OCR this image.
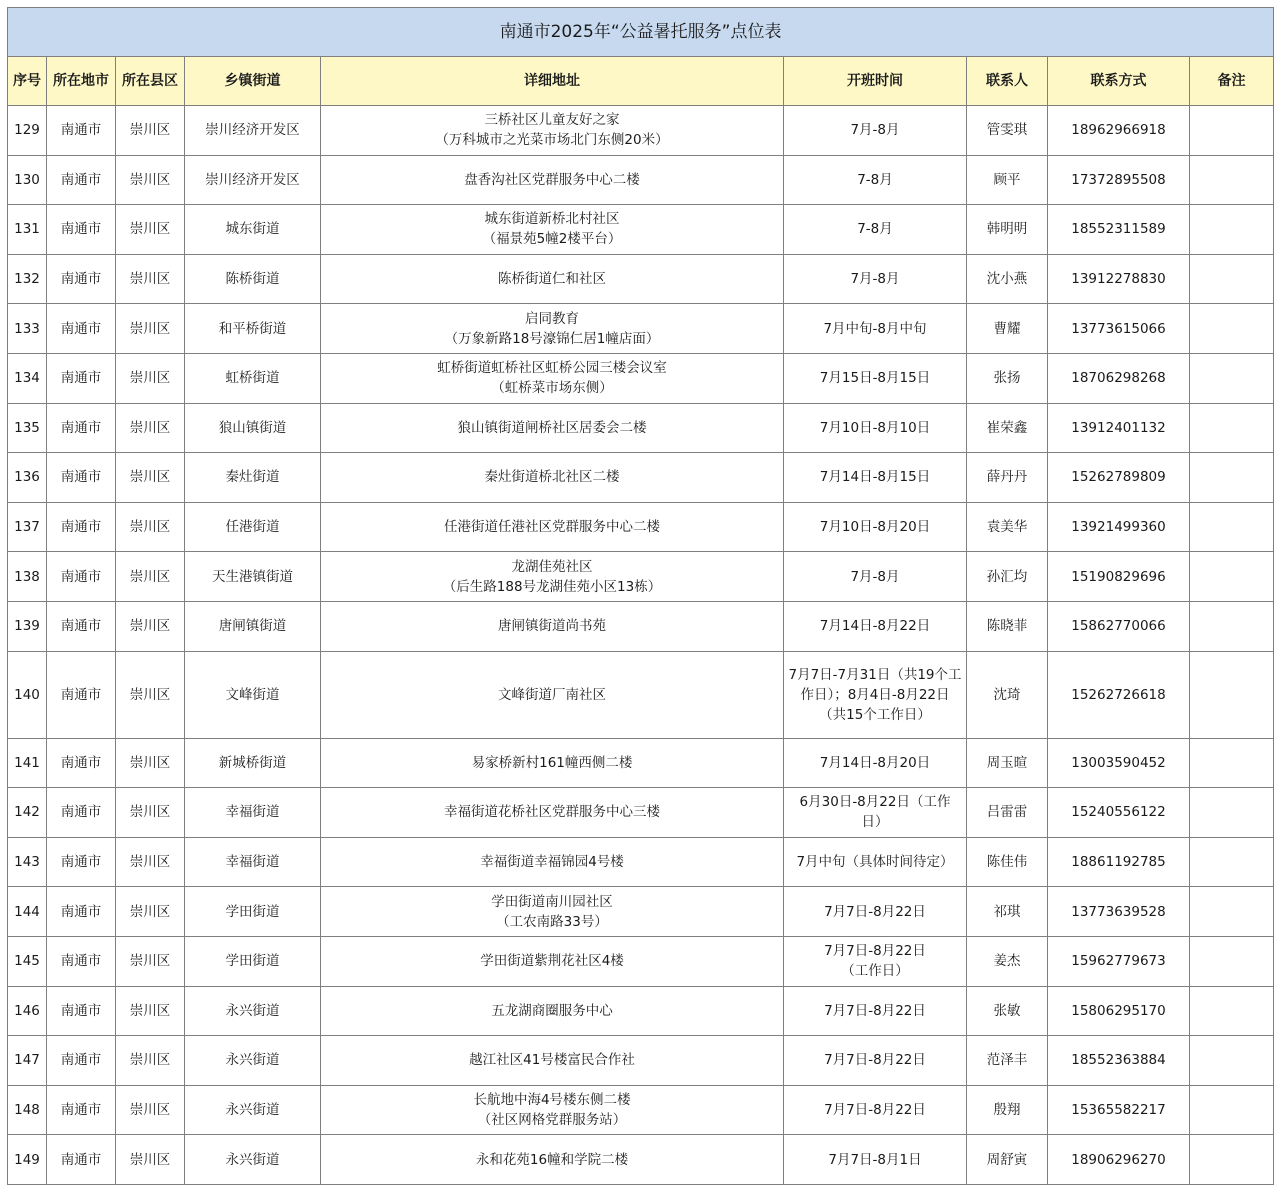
南通市2025年“公益暑托服务”点位表								
序号	所在地市	所在县区	乡镇街道	详细地址	开班时间	联系人	联系方式	备注
129	南通市	崇川区	崇川经济开发区	三桥社区儿童友好之家
（万科城市之光菜市场北门东侧20米）	7月-8月	管雯琪	18962966918	
130	南通市	崇川区	崇川经济开发区	盘香沟社区党群服务中心二楼	7-8月	顾平	17372895508	
131	南通市	崇川区	城东街道	城东街道新桥北村社区
（福景苑5幢2楼平台）	7-8月	韩明明	18552311589	
132	南通市	崇川区	陈桥街道	陈桥街道仁和社区	7月-8月	沈小燕	13912278830	
133	南通市	崇川区	和平桥街道	启同教育
（万象新路18号濠锦仁居1幢店面）	7月中旬-8月中旬	曹耀	13773615066	
134	南通市	崇川区	虹桥街道	虹桥街道虹桥社区虹桥公园三楼会议室
（虹桥菜市场东侧）	7月15日-8月15日	张扬	18706298268	
135	南通市	崇川区	狼山镇街道	狼山镇街道闸桥社区居委会二楼	7月10日-8月10日	崔荣鑫	13912401132	
136	南通市	崇川区	秦灶街道	秦灶街道桥北社区二楼	7月14日-8月15日	薛丹丹	15262789809	
137	南通市	崇川区	任港街道	任港街道任港社区党群服务中心二楼	7月10日-8月20日	袁美华	13921499360	
138	南通市	崇川区	天生港镇街道	龙湖佳苑社区
（后生路188号龙湖佳苑小区13栋）	7月-8月	孙汇均	15190829696	
139	南通市	崇川区	唐闸镇街道	唐闸镇街道尚书苑	7月14日-8月22日	陈晓菲	15862770066	
140	南通市	崇川区	文峰街道	文峰街道厂南社区	7月7日-7月31日（共19个工
作日）；8月4日-8月22日
（共15个工作日）	沈琦	15262726618	
141	南通市	崇川区	新城桥街道	易家桥新村161幢西侧二楼	7月14日-8月20日	周玉暄	13003590452	
142	南通市	崇川区	幸福街道	幸福街道花桥社区党群服务中心三楼	6月30日-8月22日（工作
日）	吕雷雷	15240556122	
143	南通市	崇川区	幸福街道	幸福街道幸福锦园4号楼	7月中旬（具体时间待定）	陈佳伟	18861192785	
144	南通市	崇川区	学田街道	学田街道南川园社区
（工农南路33号）	7月7日-8月22日	祁琪	13773639528	
145	南通市	崇川区	学田街道	学田街道紫荆花社区4楼	7月7日-8月22日
（工作日）	姜杰	15962779673	
146	南通市	崇川区	永兴街道	五龙湖商圈服务中心	7月7日-8月22日	张敏	15806295170	
147	南通市	崇川区	永兴街道	越江社区41号楼富民合作社	7月7日-8月22日	范泽丰	18552363884	
148	南通市	崇川区	永兴街道	长航地中海4号楼东侧二楼
（社区网格党群服务站）	7月7日-8月22日	殷翔	15365582217	
149	南通市	崇川区	永兴街道	永和花苑16幢和学院二楼	7月7日-8月1日	周舒寅	18906296270	
